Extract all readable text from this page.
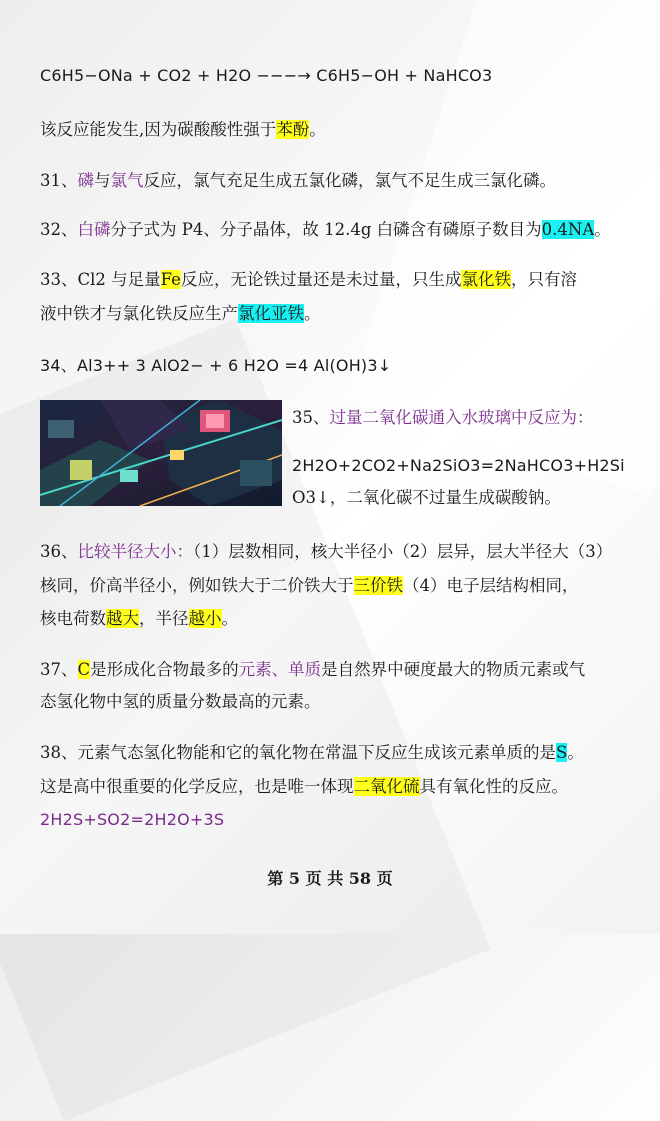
C6H5−ONa + CO2 + H2O −−−→ C6H5−OH + NaHCO3
该反应能发生,因为碳酸酸性强于苯酚。
31、磷与氯气反应，氯气充足生成五氯化磷，氯气不足生成三氯化磷。
32、白磷分子式为 P4、分子晶体，故 12.4g 白磷含有磷原子数目为0.4NA。
33、Cl2 与足量Fe反应，无论铁过量还是未过量，只生成氯化铁，只有溶
液中铁才与氯化铁反应生产氯化亚铁。
34、Al3++ 3 AlO2− + 6 H2O =4 Al(OH)3↓
35、过量二氧化碳通入水玻璃中反应为：
2H2O+2CO2+Na2SiO3=2NaHCO3+H2Si
O3↓，二氧化碳不过量生成碳酸钠。
36、比较半径大小：（1）层数相同，核大半径小（2）层异，层大半径大（3）
核同，价高半径小，例如铁大于二价铁大于三价铁（4）电子层结构相同，
核电荷数越大，半径越小。
37、C是形成化合物最多的元素、单质是自然界中硬度最大的物质元素或气
态氢化物中氢的质量分数最高的元素。
38、元素气态氢化物能和它的氧化物在常温下反应生成该元素单质的是S。
这是高中很重要的化学反应，也是唯一体现二氧化硫具有氧化性的反应。
2H2S+SO2=2H2O+3S
第 5 页 共 58 页
